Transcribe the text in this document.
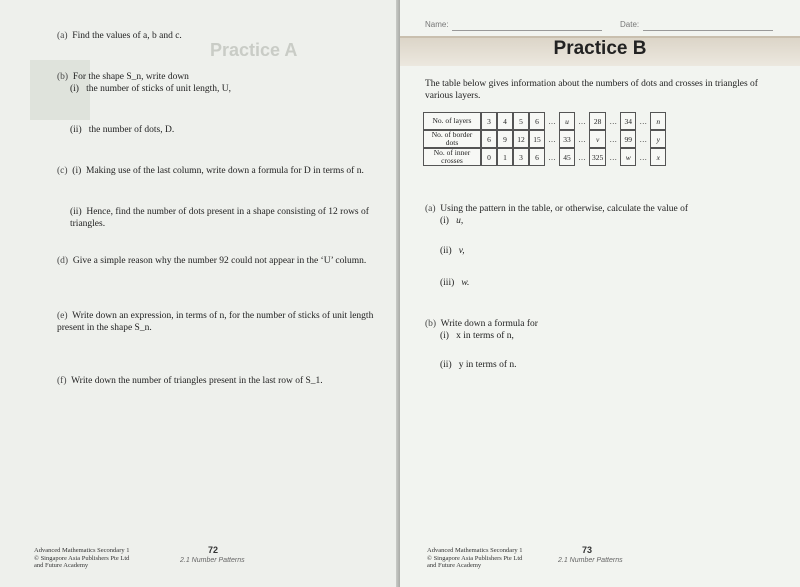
Practice A
(a) Find the values of a, b and c.
(b) For the shape S_n, write down
(i) the number of sticks of unit length, U,
(ii) the number of dots, D.
(c) (i) Making use of the last column, write down a formula for D in terms of n.
(ii) Hence, find the number of dots present in a shape consisting of 12 rows of triangles.
(d) Give a simple reason why the number 92 could not appear in the ‘U’ column.
(e) Write down an expression, in terms of n, for the number of sticks of unit length present in the shape S_n.
(f) Write down the number of triangles present in the last row of S_1.
Advanced Mathematics Secondary 1
© Singapore Asia Publishers Pte Ltd
and Future Academy
72
2.1 Number Patterns
Name:	Date:
Practice B
The table below gives information about the numbers of dots and crosses in triangles of various layers.
No. of layers	3	4	5	6	…	u	…	28	…	34	…	n
No. of border dots	6	9	12	15	…	33	…	v	…	99	…	y
No. of inner crosses	0	1	3	6	…	45	…	325	…	w	…	x
(a) Using the pattern in the table, or otherwise, calculate the value of
(i) u,
(ii) v,
(iii) w.
(b) Write down a formula for
(i) x in terms of n,
(ii) y in terms of n.
Advanced Mathematics Secondary 1
© Singapore Asia Publishers Pte Ltd
and Future Academy
73
2.1 Number Patterns
